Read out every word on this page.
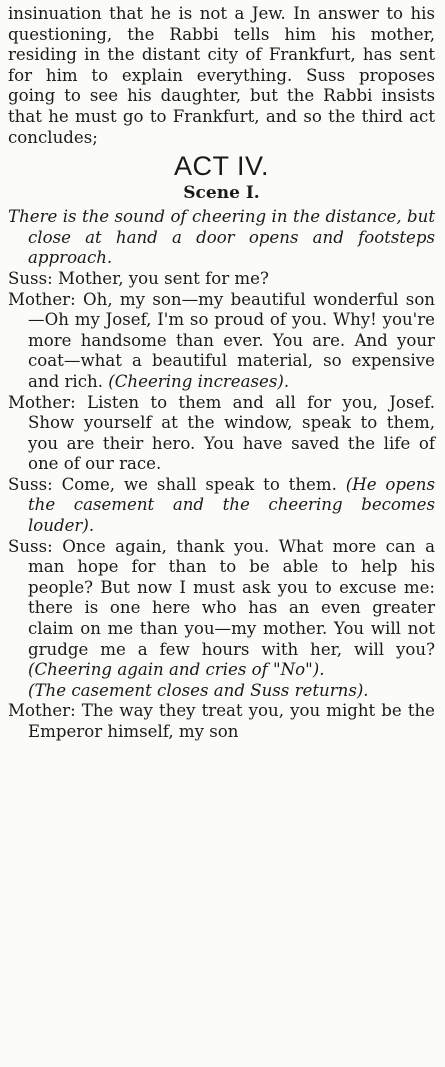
insinuation that he is not a Jew. In answer to his questioning, the Rabbi tells him his mother, residing in the distant city of Frankfurt, has sent for him to explain everything. Suss proposes going to see his daughter, but the Rabbi insists that he must go to Frankfurt, and so the third act concludes;

ACT IV.
Scene I.

There is the sound of cheering in the distance, but close at hand a door opens and footsteps approach.

Suss: Mother, you sent for me?

Mother: Oh, my son—my beautiful wonderful son—Oh my Josef, I'm so proud of you. Why! you're more handsome than ever. You are. And your coat—what a beautiful material, so expensive and rich. (Cheering increases).

Mother: Listen to them and all for you, Josef. Show yourself at the window, speak to them, you are their hero. You have saved the life of one of our race.

Suss: Come, we shall speak to them. (He opens the casement and the cheering becomes louder).

Suss: Once again, thank you. What more can a man hope for than to be able to help his people? But now I must ask you to excuse me: there is one here who has an even greater claim on me than you—my mother. You will not grudge me a few hours with her, will you? (Cheering again and cries of "No").

(The casement closes and Suss returns).

Mother: The way they treat you, you might be the Emperor himself, my son
